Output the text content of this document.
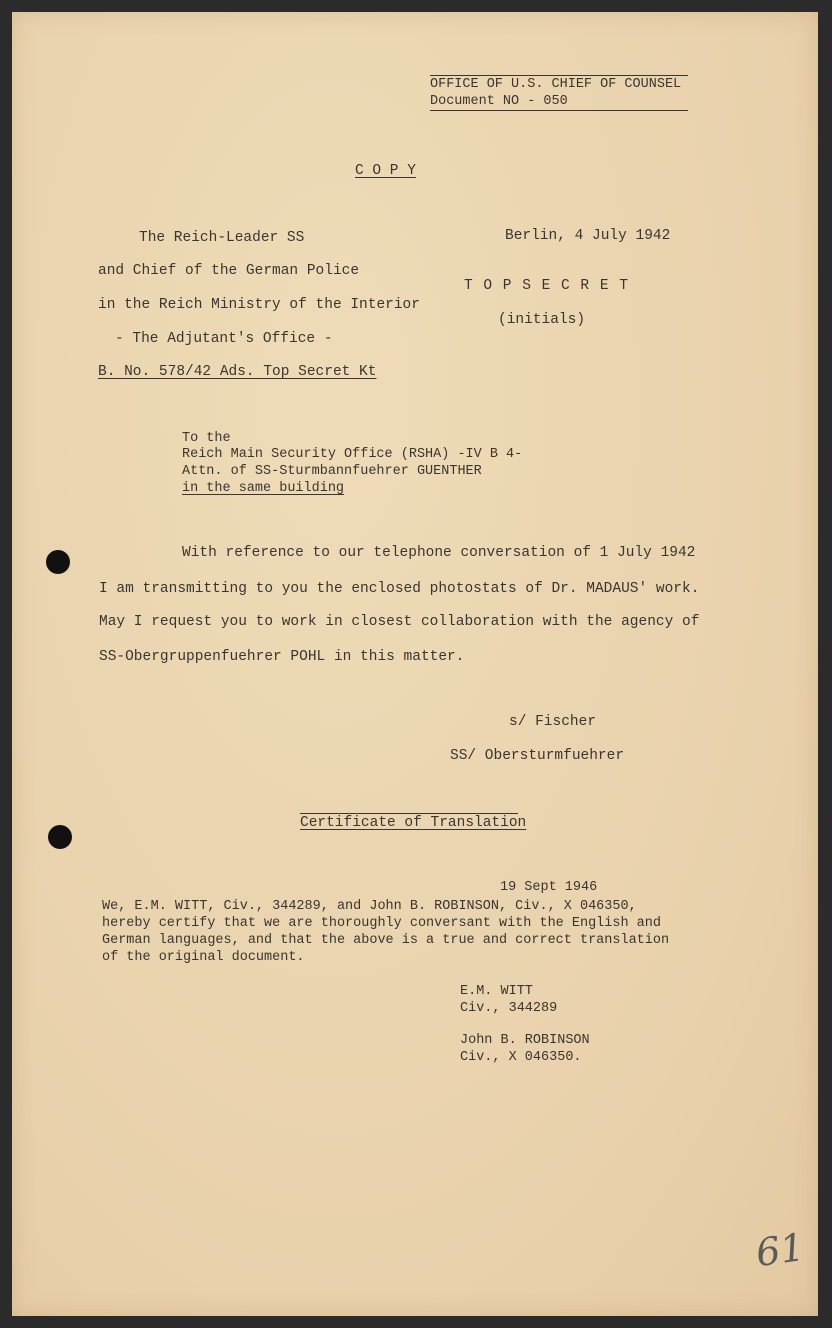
OFFICE OF U.S. CHIEF OF COUNSEL
Document NO - 050
C O P Y
The Reich-Leader SS
and Chief of the German Police
in the Reich Ministry of the Interior
- The Adjutant's Office -
B. No. 578/42 Ads. Top Secret Kt
Berlin, 4 July 1942
T O P S E C R E T
(initials)
To the
Reich Main Security Office (RSHA) -IV B 4-
Attn. of SS-Sturmbannfuehrer GUENTHER
in the same building
With reference to our telephone conversation of 1 July 1942
I am transmitting to you the enclosed photostats of Dr. MADAUS' work.
May I request you to work in closest collaboration with the agency of
SS-Obergruppenfuehrer POHL in this matter.
s/ Fischer
SS/ Obersturmfuehrer
Certificate of Translation
19 Sept 1946
We, E.M. WITT, Civ., 344289, and John B. ROBINSON, Civ., X 046350,
hereby certify that we are thoroughly conversant with the English and
German languages, and that the above is a true and correct translation
of the original document.
E.M. WITT
Civ., 344289
John B. ROBINSON
Civ., X 046350.
61
